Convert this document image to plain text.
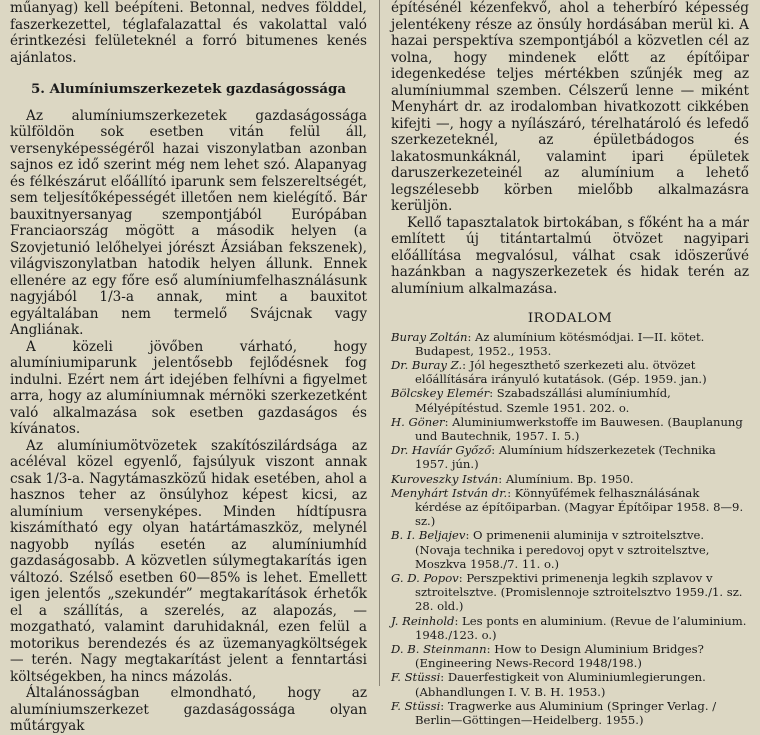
műanyag) kell beépíteni. Betonnal, nedves földdel, faszerkezettel, téglafalazattal és vakolattal való érintkezési felületeknél a forró bitumenes kenés ajánlatos.

5. Alumíniumszerkezetek gazdaságossága

Az alumíniumszerkezetek gazdaságossága külföldön sok esetben vitán felül áll, versenyképességéről hazai viszonylatban azonban sajnos ez idő szerint még nem lehet szó. Alapanyag és félkészárut előállító iparunk sem felszereltségét, sem teljesítőképességét illetően nem kielégítő. Bár bauxitnyersanyag szempontjából Európában Franciaország mögött a második helyen (a Szovjetunió lelőhelyei jórészt Ázsiában fekszenek), világviszonylatban hatodik helyen állunk. Ennek ellenére az egy főre eső alumíniumfelhasználásunk nagyjából 1/3-a annak, mint a bauxitot egyáltalában nem termelő Svájcnak vagy Angliának.

A közeli jövőben várható, hogy alumíniumiparunk jelentősebb fejlődésnek fog indulni. Ezért nem árt idejében felhívni a figyelmet arra, hogy az alumíniumnak mérnöki szerkezetként való alkalmazása sok esetben gazdaságos és kívánatos.

Az alumíniumötvözetek szakítószilárdsága az acéléval közel egyenlő, fajsúlyuk viszont annak csak 1/3-a. Nagytámaszközű hidak esetében, ahol a hasznos teher az önsúlyhoz képest kicsi, az alumínium versenyképes. Minden hídtípusra kiszámítható egy olyan határtámaszköz, melynél nagyobb nyílás esetén az alumíniumhíd gazdaságosabb. A közvetlen súlymegtakarítás igen változó. Szélső esetben 60—85% is lehet. Emellett igen jelentős „szekundér” megtakarítások érhetők el a szállítás, a szerelés, az alapozás, — mozgatható, valamint daruhidaknál, ezen felül a motorikus berendezés és az üzemanyagköltségek — terén. Nagy megtakarítást jelent a fenntartási költségekben, ha nincs mázolás.

Általánosságban elmondható, hogy az alumíniumszerkezet gazdaságossága olyan műtárgyak

építésénél kézenfekvő, ahol a teherbíró képesség jelentékeny része az önsúly hordásában merül ki. A hazai perspektíva szempontjából a közvetlen cél az volna, hogy mindenek előtt az építőipar idegenkedése teljes mértékben szűnjék meg az alumíniummal szemben. Célszerű lenne — miként Menyhárt dr. az irodalomban hivatkozott cikkében kifejti —, hogy a nyílászáró, térelhatároló és lefedő szerkezeteknél, az épületbádogos és lakatosmunkáknál, valamint ipari épületek daruszerkezeteinél az alumínium a lehető legszélesebb körben mielőbb alkalmazásra kerüljön.

Kellő tapasztalatok birtokában, s főként ha a már említett új titántartalmú ötvözet nagyipari előállítása megvalósul, válhat csak idöszerűvé hazánkban a nagyszerkezetek és hidak terén az alumínium alkalmazása.

IRODALOM
Buray Zoltán: Az alumínium kötésmódjai. I—II. kötet. Budapest, 1952., 1953.
Dr. Buray Z.: Jól hegeszthető szerkezeti alu. ötvözet előállítására irányuló kutatások. (Gép. 1959. jan.)
Bölcskey Elemér: Szabadszállási alumíniumhíd, Mélyépítéstud. Szemle 1951. 202. o.
H. Göner: Aluminiumwerkstoffe im Bauwesen. (Bauplanung und Bautechnik, 1957. I. 5.)
Dr. Havíár Győző: Alumínium hídszerkezetek (Technika 1957. jún.)
Kuroveszky István: Alumínium. Bp. 1950.
Menyhárt István dr.: Könnyűfémek felhasználásának kérdése az építőiparban. (Magyar Építőipar 1958. 8—9. sz.)
B. I. Beljajev: O primenenii aluminija v sztroitelsztve. (Novaja technika i peredovoj opyt v sztroitelsztve, Moszkva 1958./7. 11. o.)
G. D. Popov: Perszpektivi primenenja legkih szplavov v sztroitelsztve. (Promislennoje sztroitelsztvo 1959./1. sz. 28. old.)
J. Reinhold: Les ponts en aluminium. (Revue de l’aluminium. 1948./123. o.)
D. B. Steinmann: How to Design Aluminium Bridges? (Engineering News-Record 1948/198.)
F. Stüssi: Dauerfestigkeit von Aluminiumlegierungen. (Abhandlungen I. V. B. H. 1953.)
F. Stüssi: Tragwerke aus Aluminium (Springer Verlag. / Berlin—Göttingen—Heidelberg. 1955.)
